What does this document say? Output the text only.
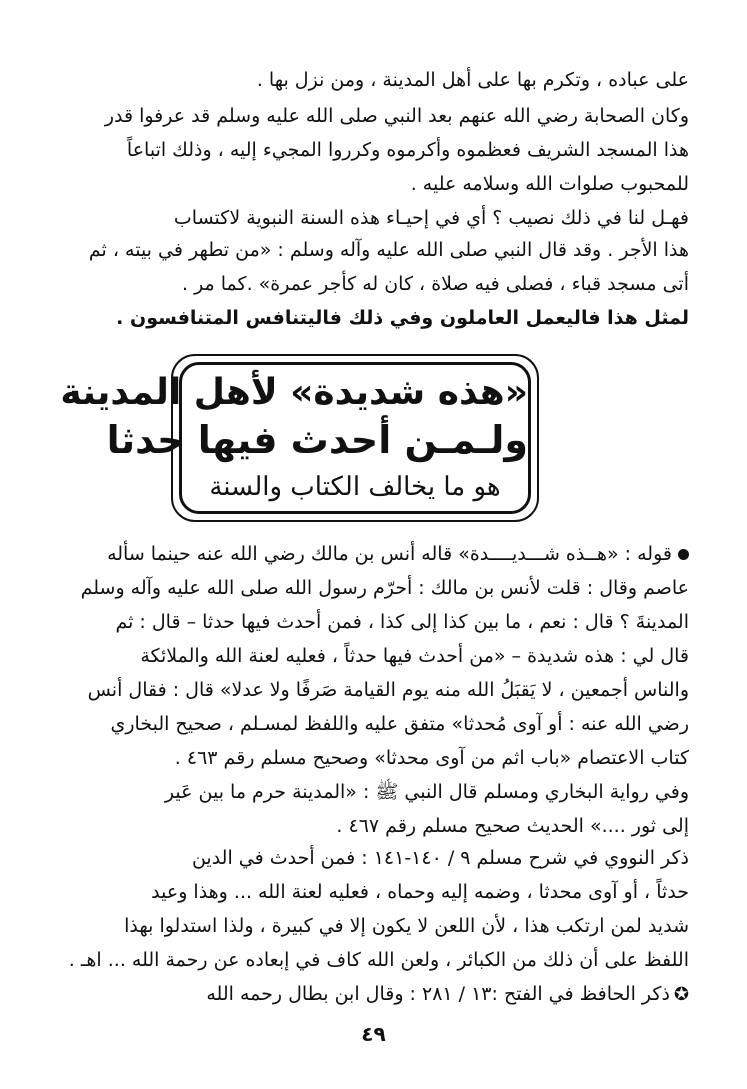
على عباده ، وتكرم بها على أهل المدينة ، ومن نزل بها .
وكان الصحابة رضي الله عنهم بعد النبي صلى الله عليه وسلم قد عرفوا قدر
هذا المسجد الشريف فعظموه وأكرموه وكرروا المجيء إليه ، وذلك اتباعاً
للمحبوب صلوات الله وسلامه عليه .
فهـل لنا في ذلك نصيب ؟ أي في إحيـاء هذه السنة النبوية لاكتساب
هذا الأجر . وقد قال النبي صلى الله عليه وآله وسلم : «من تطهر في بيته ، ثم
أتى مسجد قباء ، فصلى فيه صلاة ، كان له كأجر عمرة» .كما مر .
لمثل هذا فاليعمل العاملون وفي ذلك فاليتنافس المتنافسون .
«هذه شديدة» لأهل المدينة
ولـمـن أحدث فيها حدثا
هو ما يخالف الكتاب والسنة
قوله : «هــذه شـــديــــدة» قاله أنس بن مالك رضي الله عنه حينما سأله
عاصم وقال : قلت لأنس بن مالك : أحرّم رسول الله صلى الله عليه وآله وسلم
المدينةَ ؟ قال : نعم ، ما بين كذا إلى كذا ، فمن أحدث فيها حدثا – قال : ثم
قال لي : هذه شديدة – «من أحدث فيها حدثاً ، فعليه لعنة الله والملائكة
والناس أجمعين ، لا يَقبَلُ الله منه يوم القيامة صَرفًا ولا عدلا» قال : فقال أنس
رضي الله عنه : أو آوى مُحدثا» متفق عليه واللفظ لمسـلم ، صحيح البخاري
كتاب الاعتصام «باب اثم من آوى محدثا» وصحيح مسلم رقم ٤٦٣ .
وفي رواية البخاري ومسلم قال النبي ﷺ : «المدينة حرم ما بين عَير
إلى ثور ....» الحديث صحيح مسلم رقم ٤٦٧ .
ذكر النووي في شرح مسلم ٩ / ١٤٠-١٤١ : فمن أحدث في الدين
حدثاً ، أو آوى محدثا ، وضمه إليه وحماه ، فعليه لعنة الله ... وهذا وعيد
شديد لمن ارتكب هذا ، لأن اللعن لا يكون إلا في كبيرة ، ولذا استدلوا بهذا
اللفظ على أن ذلك من الكبائر ، ولعن الله كاف في إبعاده عن رحمة الله ... اهـ .
✪ذكر الحافظ في الفتح :١٣ / ٢٨١ : وقال ابن بطال رحمه الله
٤٩
